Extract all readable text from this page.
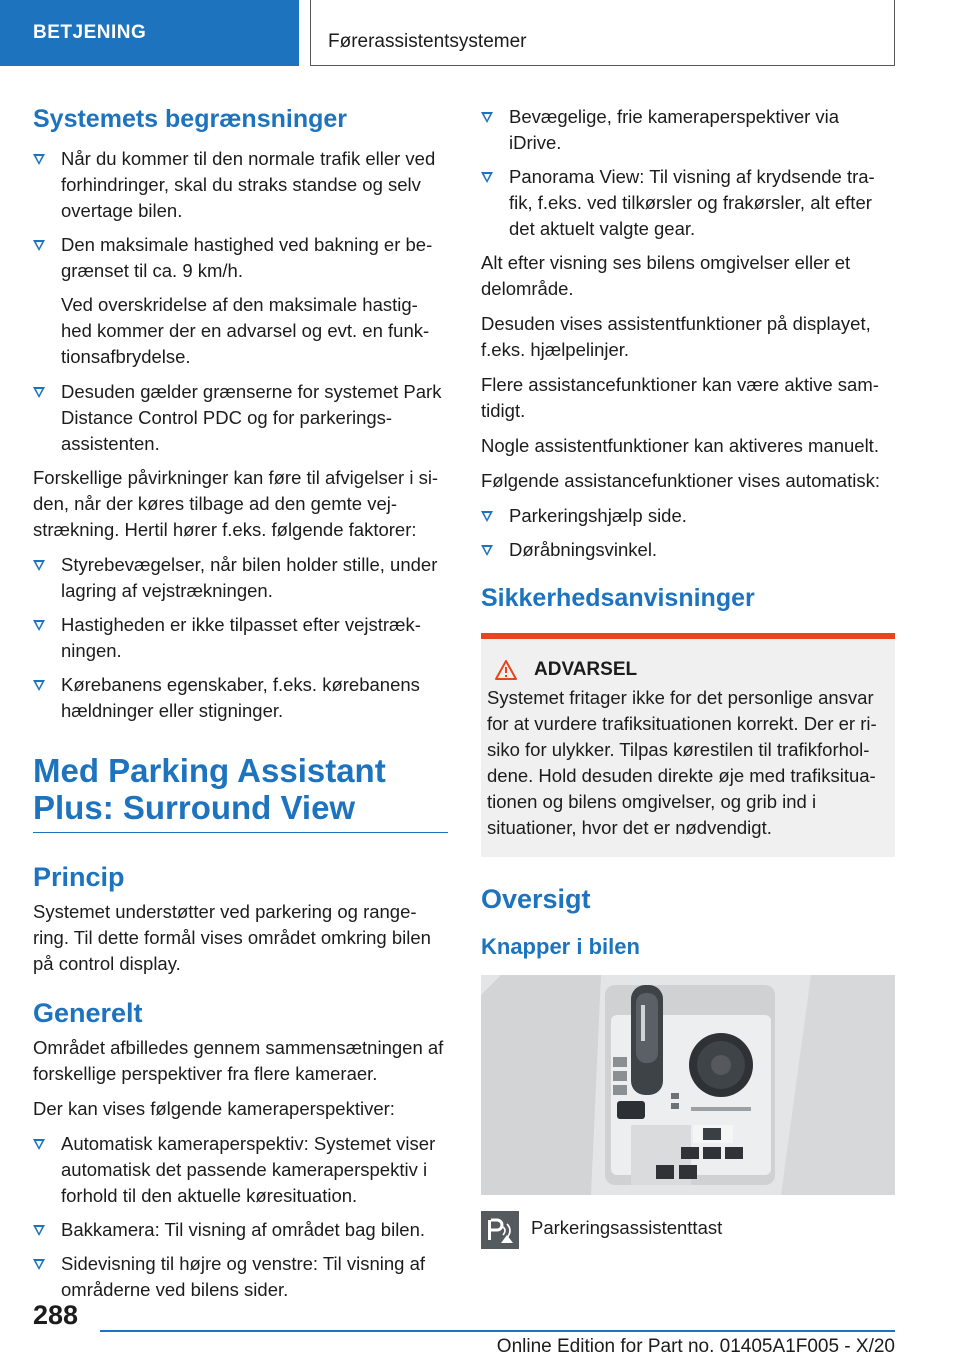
BETJENING	Førerassistentsystemer
Systemets begrænsninger
Når du kommer til den normale trafik eller ved forhindringer, skal du straks standse og selv overtage bilen.
Den maksimale hastighed ved bakning er be-grænset til ca. 9 km/h.
Ved overskridelse af den maksimale hastig-hed kommer der en advarsel og evt. en funk-tionsafbrydelse.
Desuden gælder grænserne for systemet Park Distance Control PDC og for parkerings-assistenten.

Forskellige påvirkninger kan føre til afvigelser i si-den, når der køres tilbage ad den gemte vej-strækning. Hertil hører f.eks. følgende faktorer:

Styrebevægelser, når bilen holder stille, under lagring af vejstrækningen.
Hastigheden er ikke tilpasset efter vejstræk-ningen.
Kørebanens egenskaber, f.eks. kørebanens hældninger eller stigninger.
Med Parking Assistant Plus: Surround View
Princip

Systemet understøtter ved parkering og range-ring. Til dette formål vises området omkring bilen på control display.

Generelt

Området afbilledes gennem sammensætningen af forskellige perspektiver fra flere kameraer.

Der kan vises følgende kameraperspektiver:

Automatisk kameraperspektiv: Systemet viser automatisk det passende kameraperspektiv i forhold til den aktuelle køresituation.
Bakkamera: Til visning af området bag bilen.
Sidevisning til højre og venstre: Til visning af områderne ved bilens sider.
Bevægelige, frie kameraperspektiver via iDrive.
Panorama View: Til visning af krydsende tra-fik, f.eks. ved tilkørsler og frakørsler, alt efter det aktuelt valgte gear.

Alt efter visning ses bilens omgivelser eller et delområde.

Desuden vises assistentfunktioner på displayet, f.eks. hjælpelinjer.

Flere assistancefunktioner kan være aktive sam-tidigt.

Nogle assistentfunktioner kan aktiveres manuelt.

Følgende assistancefunktioner vises automatisk:

Parkeringshjælp side.
Døråbningsvinkel.
Sikkerhedsanvisninger
ADVARSEL

Systemet fritager ikke for det personlige ansvar for at vurdere trafiksituationen korrekt. Der er ri-siko for ulykker. Tilpas kørestilen til trafikforhol-dene. Hold desuden direkte øje med trafiksitua-tionen og bilens omgivelser, og grib ind i situationer, hvor det er nødvendigt.

Oversigt
Knapper i bilen
Parkeringsassistenttast
288
Online Edition for Part no. 01405A1F005 - X/20
